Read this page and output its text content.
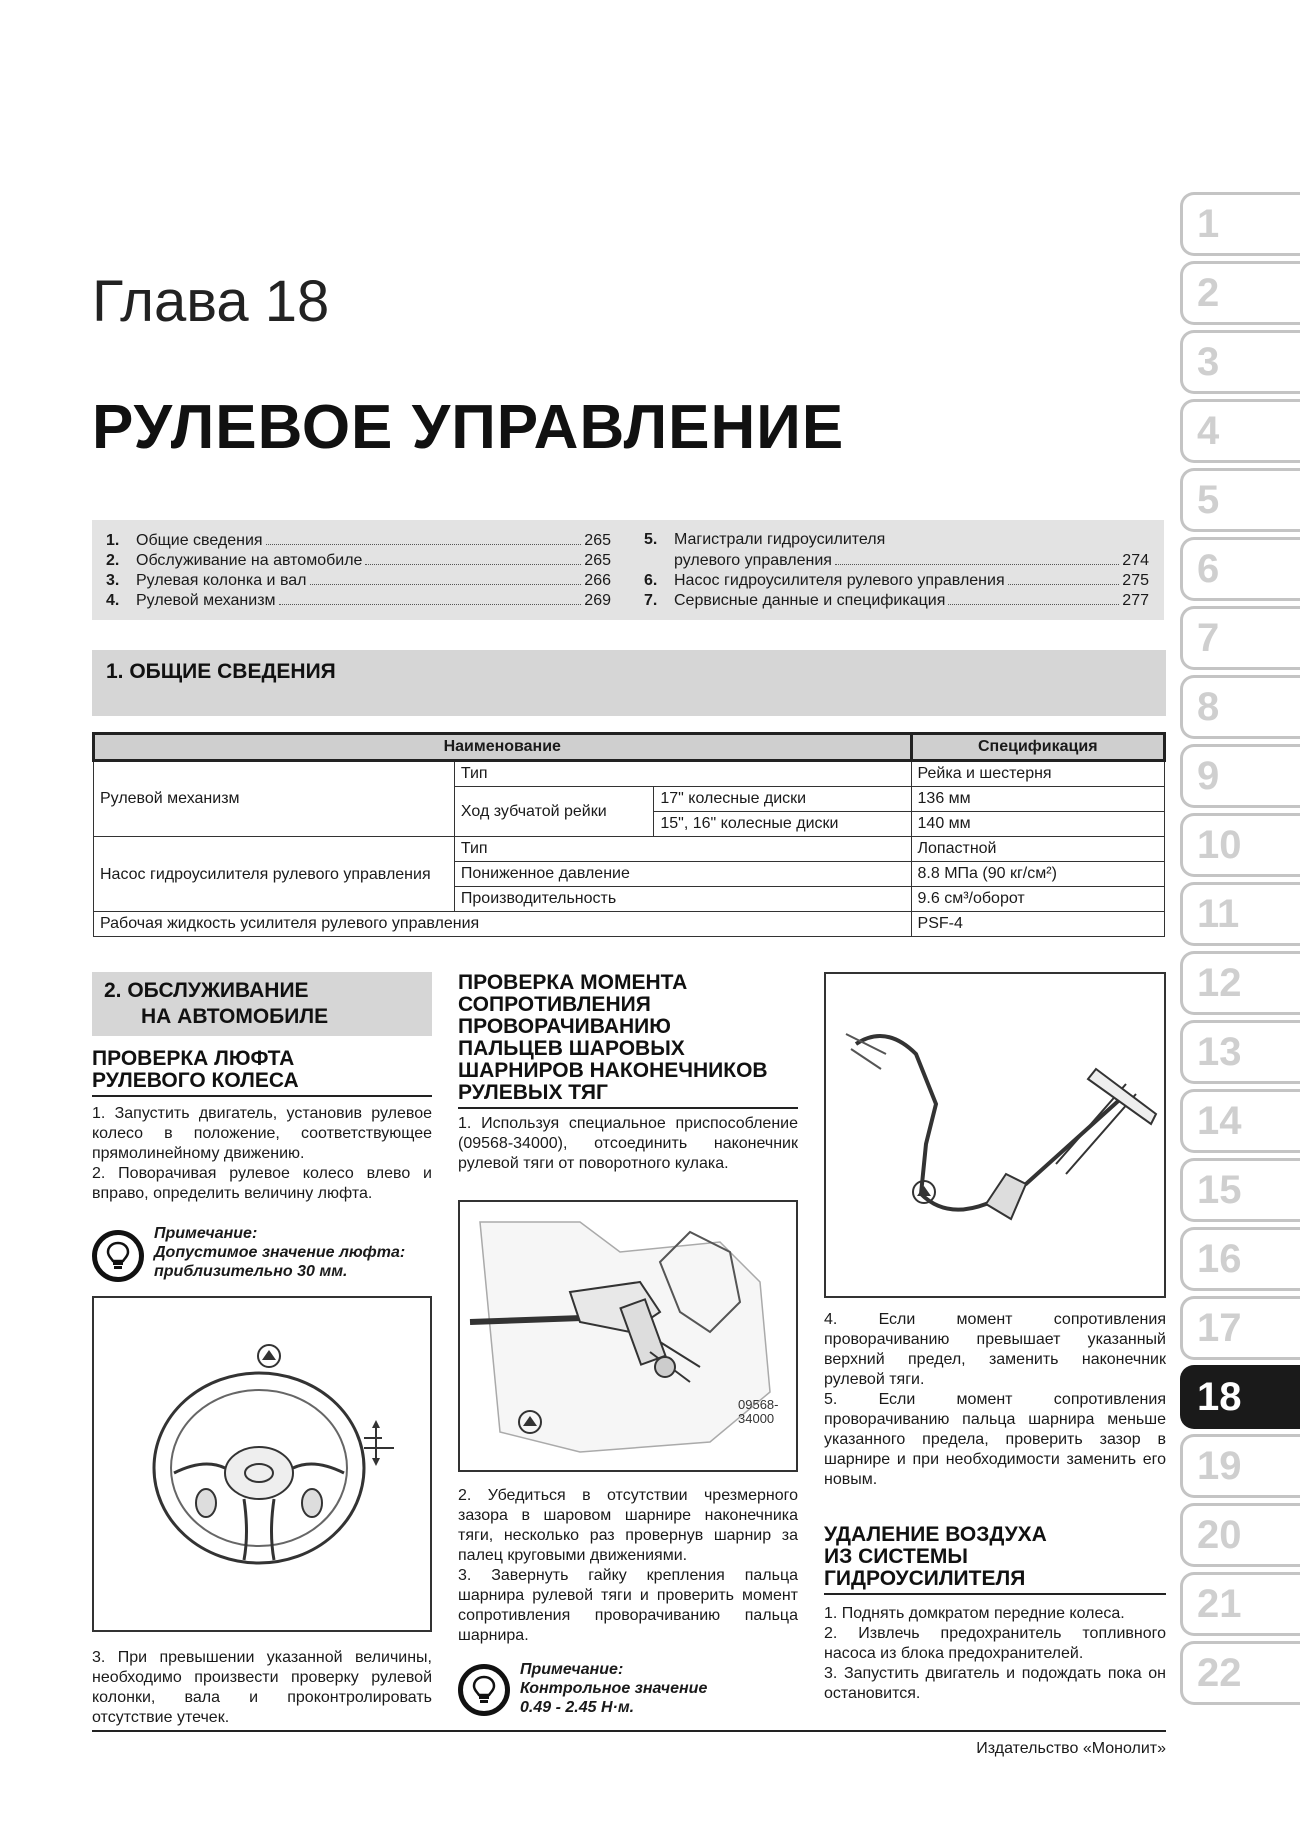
1
2
3
4
5
6
7
8
9
10
11
12
13
14
15
16
17
18
19
20
21
22
Глава 18
РУЛЕВОЕ УПРАВЛЕНИЕ
1.	Общие сведения	265
2.	Обслуживание на автомобиле	265
3.	Рулевая колонка и вал	266
4.	Рулевой механизм	269
5.	Магистрали гидроусилителя
рулевого управления	274
6.	Насос гидроусилителя рулевого управления	275
7.	Сервисные данные и спецификация	277
1. ОБЩИЕ СВЕДЕНИЯ
Наименование			Спецификация
Рулевой механизм	Тип		Рейка и шестерня
	Ход зубчатой рейки	17" колесные диски	136 мм
		15", 16" колесные диски	140 мм
Насос гидроусилителя рулевого управления	Тип		Лопастной
	Пониженное давление		8.8 МПа (90 кг/см²)
	Производительность		9.6 см³/оборот
Рабочая жидкость усилителя рулевого управления			PSF-4
2. ОБСЛУЖИВАНИЕ
НА АВТОМОБИЛЕ
ПРОВЕРКА ЛЮФТА
РУЛЕВОГО КОЛЕСА
1. Запустить двигатель, установив рулевое колесо в положение, соответствующее прямолинейному движению.
2. Поворачивая рулевое колесо влево и вправо, определить величину люфта.
Примечание:
Допустимое значение люфта:
приблизительно 30 мм.
3. При превышении указанной величины, необходимо произвести проверку рулевой колонки, вала и проконтролировать отсутствие утечек.
ПРОВЕРКА МОМЕНТА
СОПРОТИВЛЕНИЯ
ПРОВОРАЧИВАНИЮ
ПАЛЬЦЕВ ШАРОВЫХ
ШАРНИРОВ НАКОНЕЧНИКОВ
РУЛЕВЫХ ТЯГ
1. Используя специальное приспособление (09568-34000), отсоединить наконечник рулевой тяги от поворотного кулака.
09568-
34000
2. Убедиться в отсутствии чрезмерного зазора в шаровом шарнире наконечника тяги, несколько раз провернув шарнир за палец круговыми движениями.
3. Завернуть гайку крепления пальца шарнира рулевой тяги и проверить момент сопротивления проворачиванию пальца шарнира.
Примечание:
Контрольное значение
0.49 - 2.45 Н·м.
4. Если момент сопротивления проворачиванию превышает указанный верхний предел, заменить наконечник рулевой тяги.
5. Если момент сопротивления проворачиванию пальца шарнира меньше указанного предела, проверить зазор в шарнире и при необходимости заменить его новым.
УДАЛЕНИЕ ВОЗДУХА
ИЗ СИСТЕМЫ
ГИДРОУСИЛИТЕЛЯ
1. Поднять домкратом передние колеса.
2. Извлечь предохранитель топливного насоса из блока предохранителей.
3. Запустить двигатель и подождать пока он остановится.
Издательство «Монолит»
